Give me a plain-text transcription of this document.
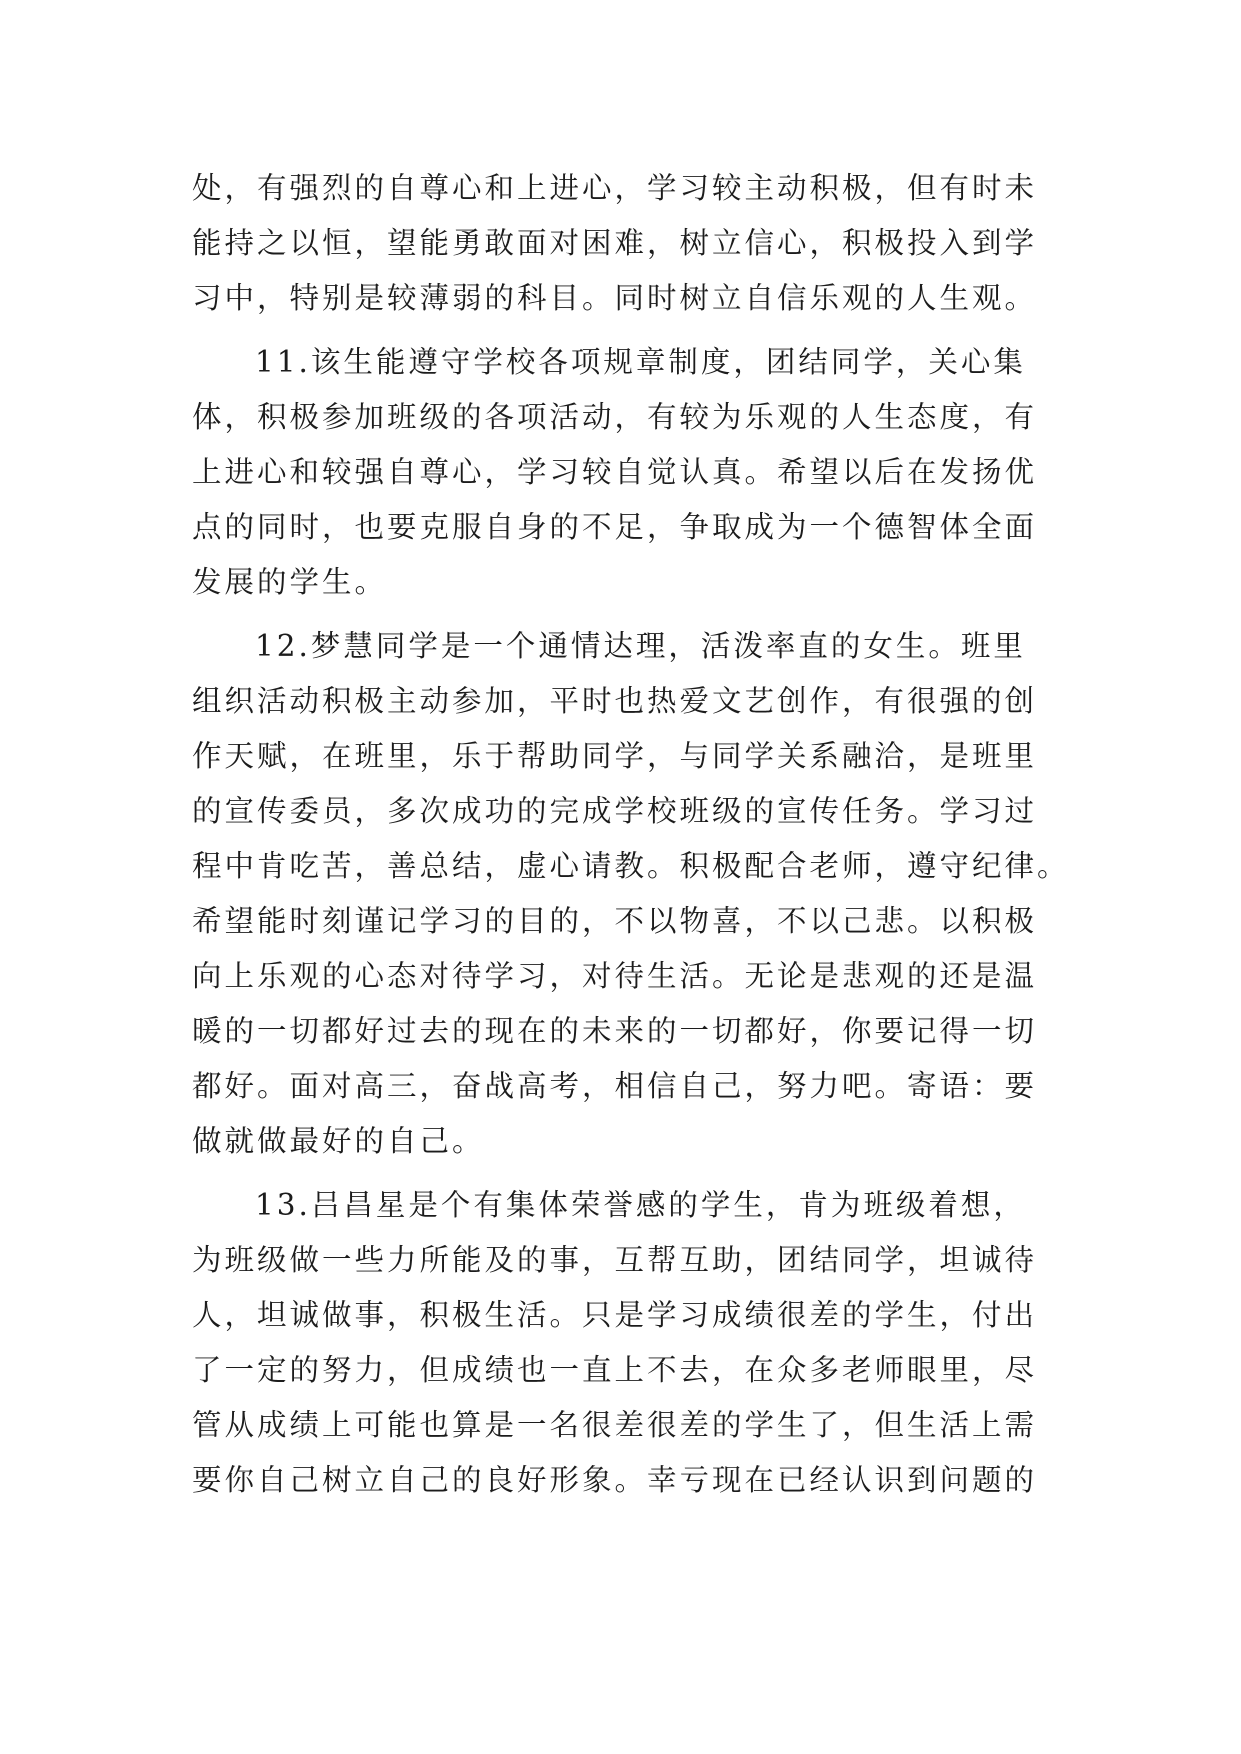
处，有强烈的自尊心和上进心，学习较主动积极，但有时未

能持之以恒，望能勇敢面对困难，树立信心，积极投入到学

习中，特别是较薄弱的科目。同时树立自信乐观的人生观。

11.该生能遵守学校各项规章制度，团结同学，关心集

体，积极参加班级的各项活动，有较为乐观的人生态度，有

上进心和较强自尊心，学习较自觉认真。希望以后在发扬优

点的同时，也要克服自身的不足，争取成为一个德智体全面

发展的学生。

12.梦慧同学是一个通情达理，活泼率直的女生。班里

组织活动积极主动参加，平时也热爱文艺创作，有很强的创

作天赋，在班里，乐于帮助同学，与同学关系融洽，是班里

的宣传委员，多次成功的完成学校班级的宣传任务。学习过

程中肯吃苦，善总结，虚心请教。积极配合老师，遵守纪律。

希望能时刻谨记学习的目的，不以物喜，不以己悲。以积极

向上乐观的心态对待学习，对待生活。无论是悲观的还是温

暖的一切都好过去的现在的未来的一切都好，你要记得一切

都好。面对高三，奋战高考，相信自己，努力吧。寄语：要

做就做最好的自己。

13.吕昌星是个有集体荣誉感的学生，肯为班级着想，

为班级做一些力所能及的事，互帮互助，团结同学，坦诚待

人，坦诚做事，积极生活。只是学习成绩很差的学生，付出

了一定的努力，但成绩也一直上不去，在众多老师眼里，尽

管从成绩上可能也算是一名很差很差的学生了，但生活上需

要你自己树立自己的良好形象。幸亏现在已经认识到问题的
